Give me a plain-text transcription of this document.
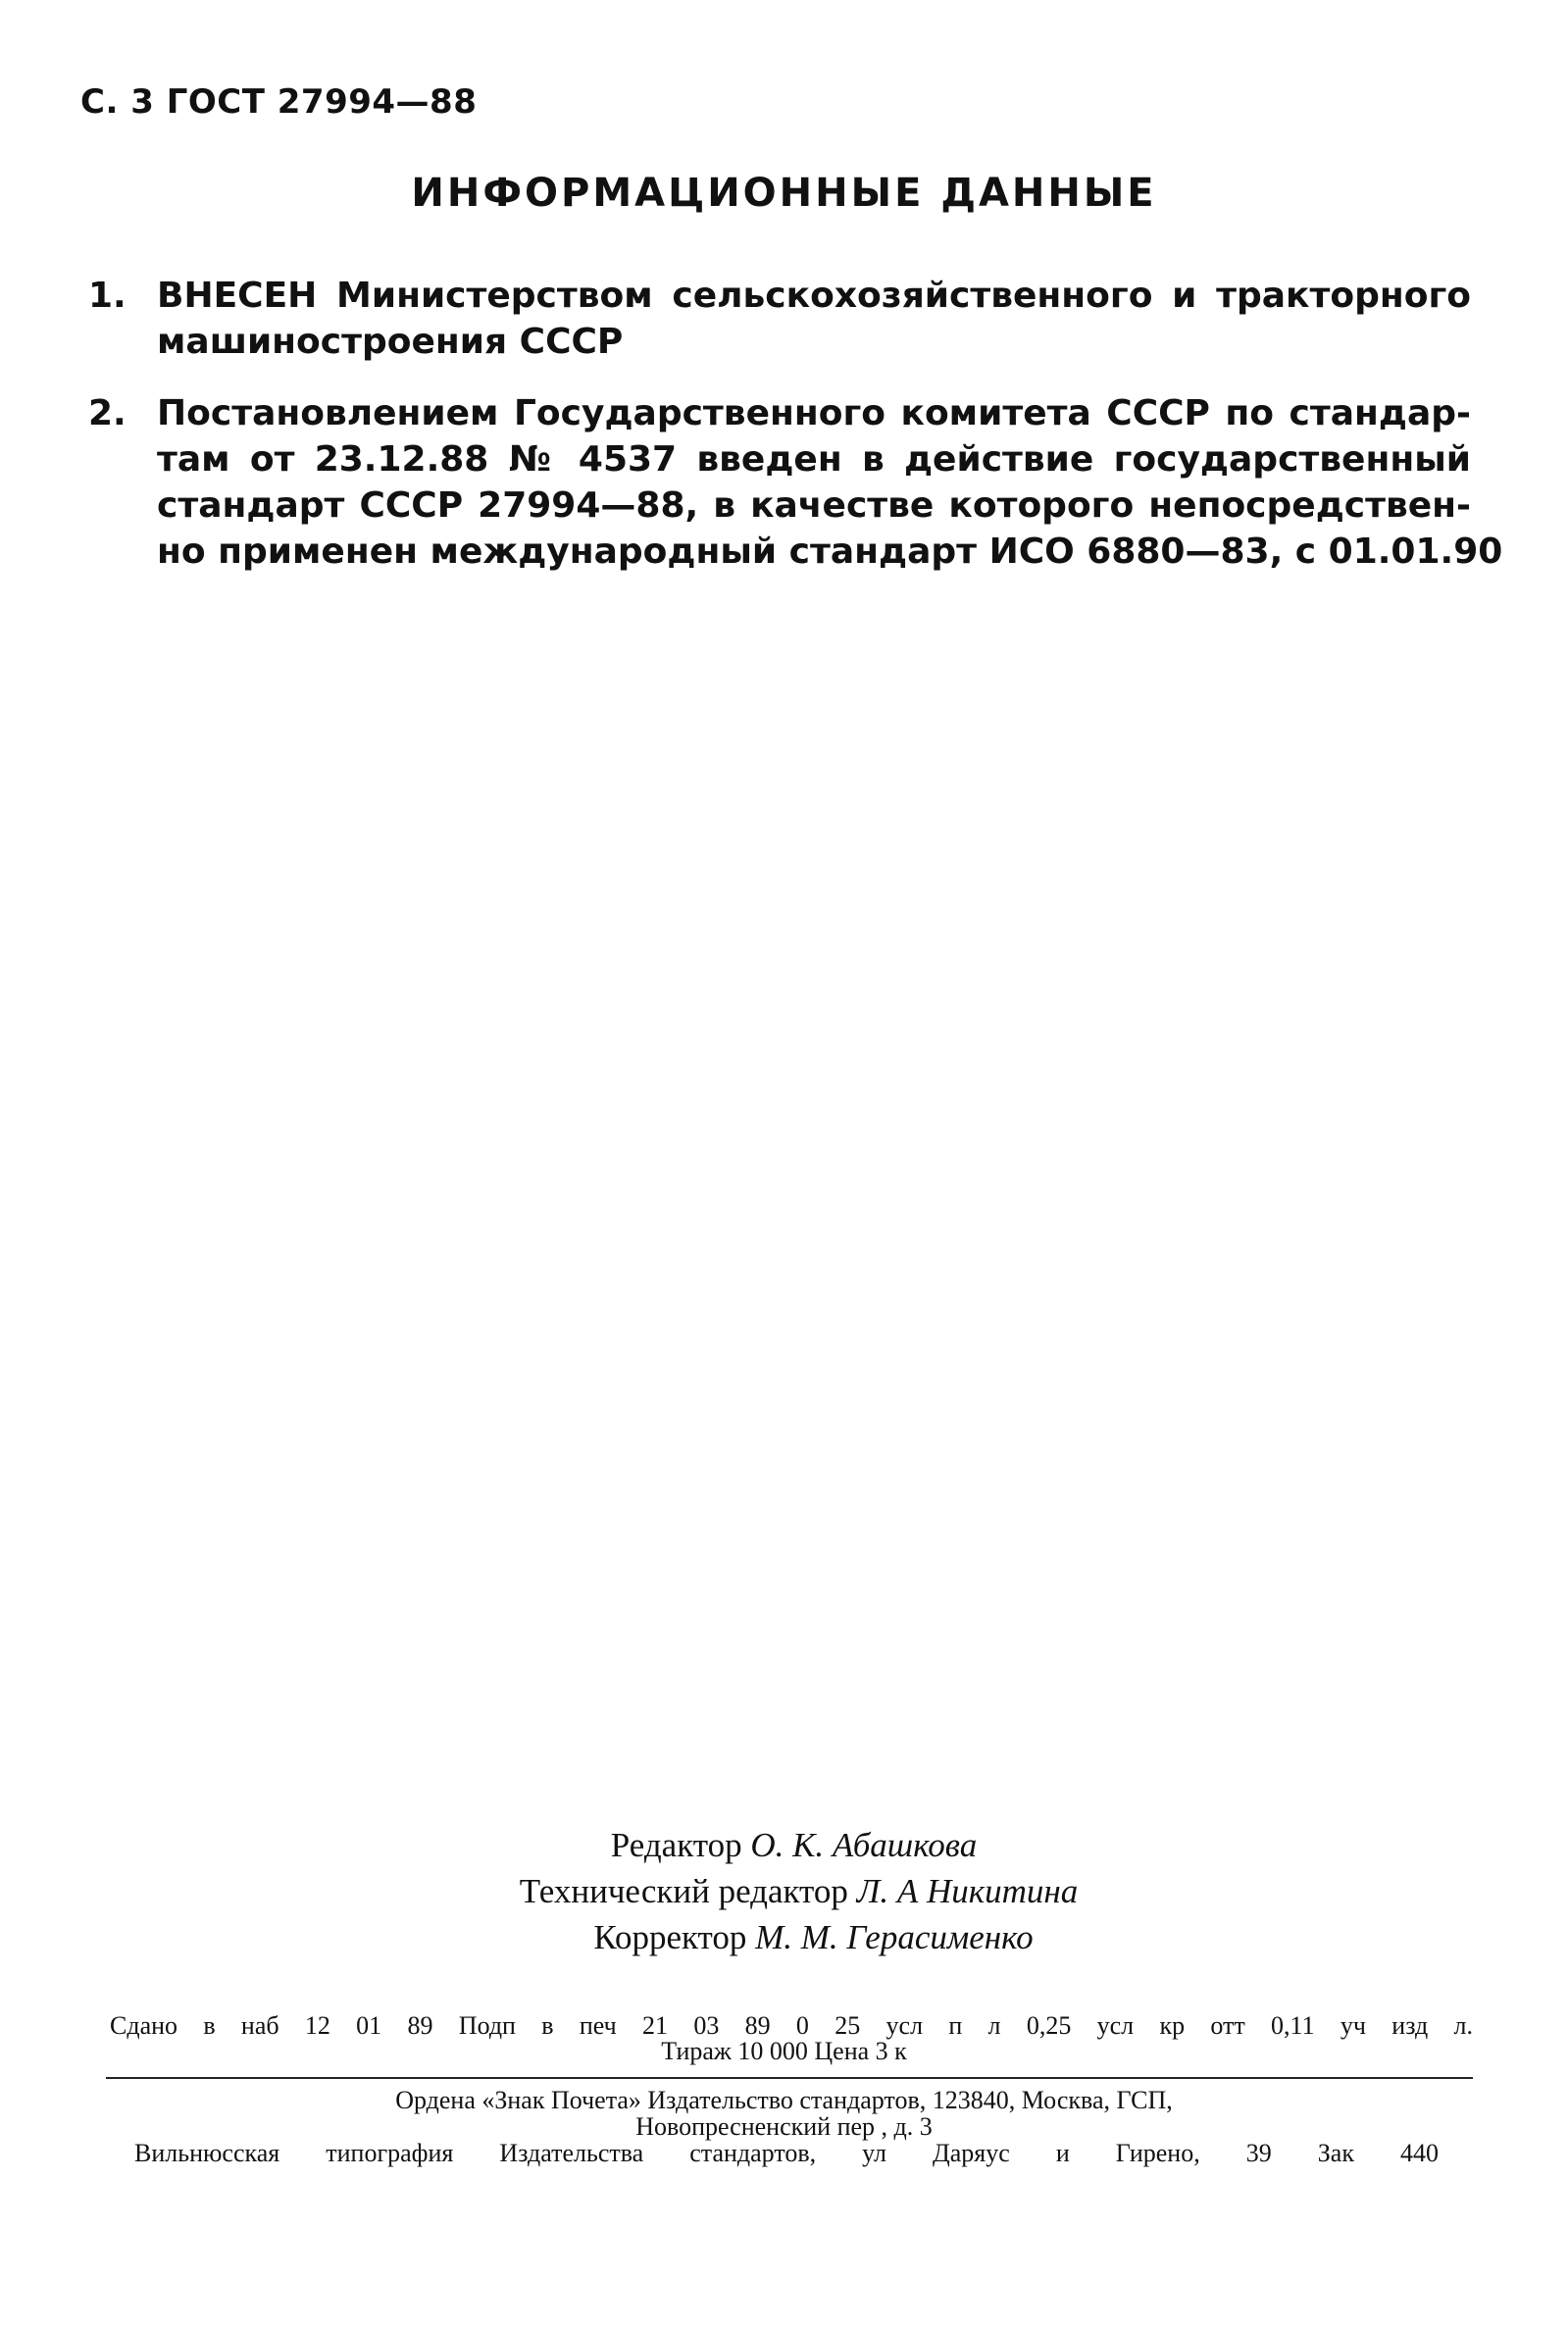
С. 3 ГОСТ 27994—88
ИНФОРМАЦИОННЫЕ ДАННЫЕ
1. ВНЕСЕН Министерством сельскохозяйственного и тракторного
машиностроения СССР
2. Постановлением Государственного комитета СССР по стандар-
там от 23.12.88 № 4537 введен в действие государственный
стандарт СССР 27994—88, в качестве которого непосредствен-
но применен международный стандарт ИСО 6880—83, с 01.01.90
Редактор О. К. Абашкова
Технический редактор Л. А Никитина
Корректор М. М. Герасименко
Сдано в наб 12 01 89 Подп в печ 21 03 89 0 25 усл п л 0,25 усл кр отт 0,11 уч изд л.
Тираж 10 000 Цена 3 к
Ордена «Знак Почета» Издательство стандартов, 123840, Москва, ГСП,
Новопресненский пер , д. 3
Вильнюсская типография Издательства стандартов, ул Даряус и Гирено, 39 Зак 440
